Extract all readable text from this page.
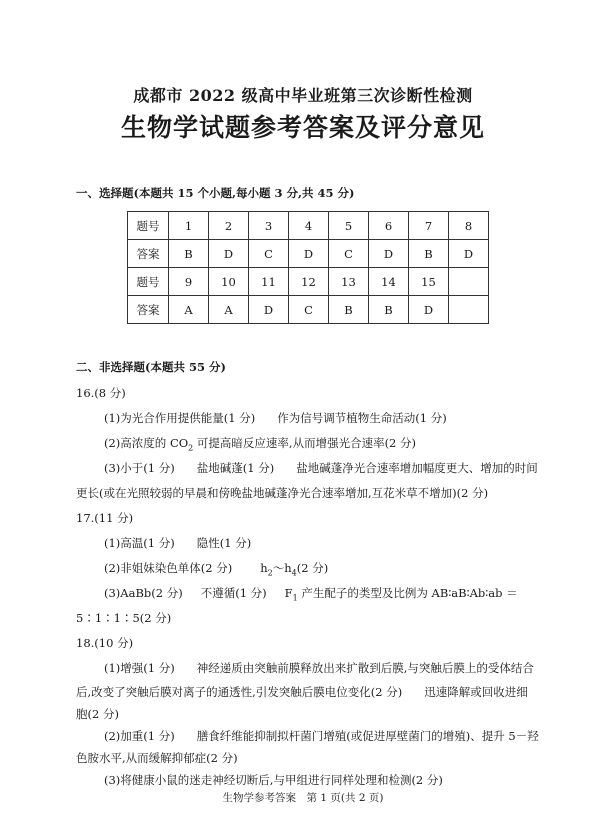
成都市 2022 级高中毕业班第三次诊断性检测
生物学试题参考答案及评分意见
一、选择题(本题共 15 个小题,每小题 3 分,共 45 分)
题号	1	2	3	4	5	6	7	8
答案	B	D	C	D	C	D	B	D
题号	9	10	11	12	13	14	15	
答案	A	A	D	C	B	B	D	
二、非选择题(本题共 55 分)
16.(8 分)
(1)为光合作用提供能量(1 分) 作为信号调节植物生命活动(1 分)
(2)高浓度的 $CO_2$ 可提高暗反应速率,从而增强光合速率(2 分)
(3)小于(1 分) 盐地碱蓬(1 分) 盐地碱蓬净光合速率增加幅度更大、增加的时间
更长(或在光照较弱的早晨和傍晚盐地碱蓬净光合速率增加,互花米草不增加)(2 分)
17.(11 分)
(1)高温(1 分) 隐性(1 分)
(2)非姐妹染色单体(2 分) $h_2\sim h_4(2$ 分)
(3)AaBb(2 分) 不遵循(1 分) $F_1$ 产生配子的类型及比例为 AB∶aB∶Ab∶ab ＝
5∶1∶1∶5(2 分)
18.(10 分)
(1)增强(1 分) 神经递质由突触前膜释放出来扩散到后膜,与突触后膜上的受体结合
后,改变了突触后膜对离子的通透性,引发突触后膜电位变化(2 分) 迅速降解或回收进细
胞(2 分)
(2)加重(1 分) 膳食纤维能抑制拟杆菌门增殖(或促进厚壁菌门的增殖)、提升 5－羟
色胺水平,从而缓解抑郁症(2 分)
生物学参考答案　第 1 页(共 2 页)
(3)将健康小鼠的迷走神经切断后,与甲组进行同样处理和检测(2 分)
